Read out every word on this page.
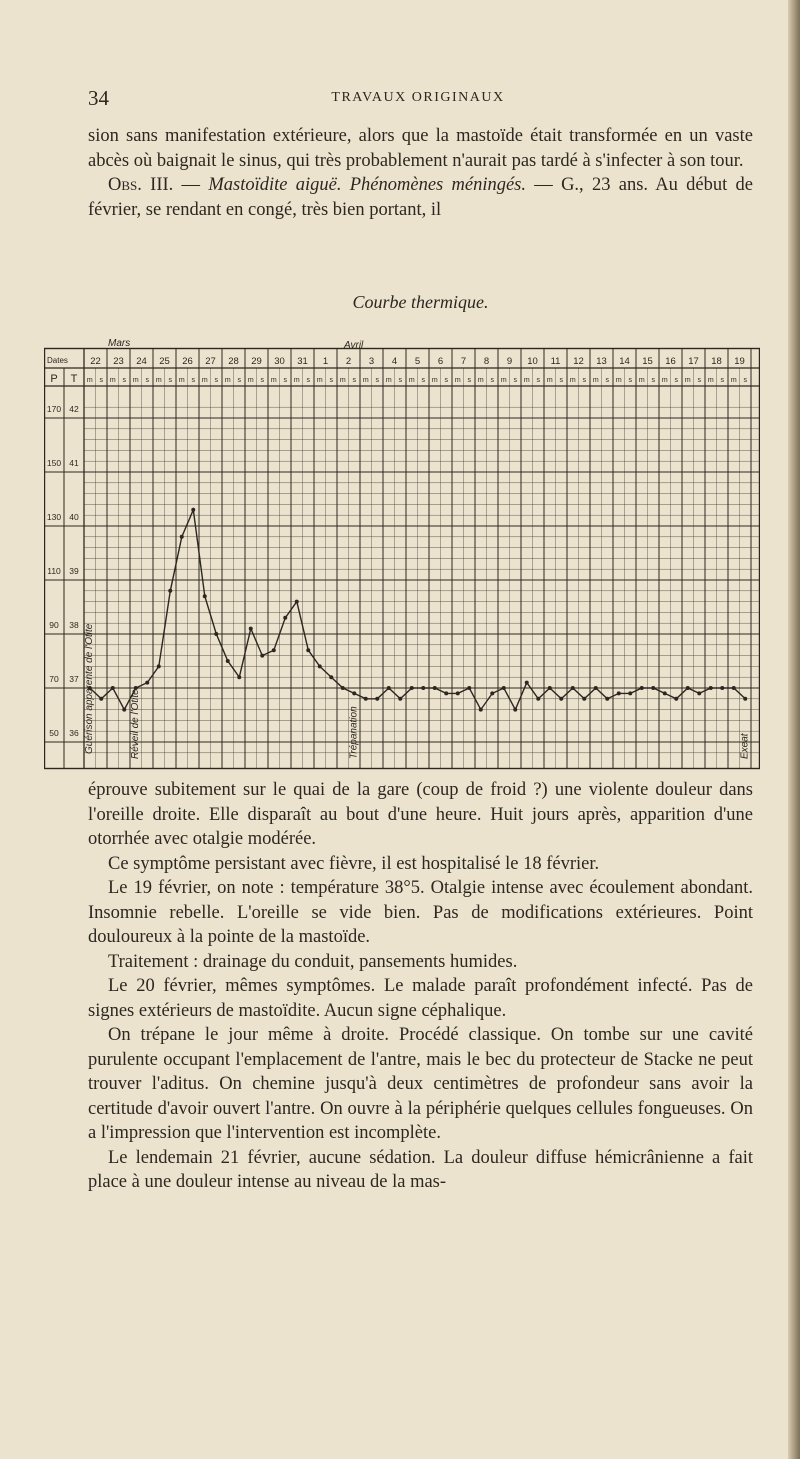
34	TRAVAUX ORIGINAUX

sion sans manifestation extérieure, alors que la mastoïde était transformée en un vaste abcès où baignait le sinus, qui très probablement n'aurait pas tardé à s'infecter à son tour.

Obs. III. — Mastoïdite aiguë. Phénomènes méningés. — G., 23 ans. Au début de février, se rendant en congé, très bien portant, il

Courbe thermique.
Dates
Mars	Avril
22
m s
23
m s
24
m s
25
m s
26
m s
27
m s
28
m s
29
m s
30
m s
31
m s
1
m s
2
m s
3
m s
4
m s
5
m s
6
m s
7
m s
8
m s
9
m s
10
m s
11
m s
12
m s
13
m s
14
m s
15
m s
16
m s
17
m s
18
m s
19
m s
P T
170
150
130
110
90
70
50
42
41
40
39
38
37
36 Guérison apparente de l'Otite	Réveil de l'Otite	Trépanation	Exeat

éprouve subitement sur le quai de la gare (coup de froid ?) une violente douleur dans l'oreille droite. Elle disparaît au bout d'une heure. Huit jours après, apparition d'une otorrhée avec otalgie modérée.

Ce symptôme persistant avec fièvre, il est hospitalisé le 18 février.

Le 19 février, on note : température 38°5. Otalgie intense avec écoulement abondant. Insomnie rebelle. L'oreille se vide bien. Pas de modifications extérieures. Point douloureux à la pointe de la mastoïde.

Traitement : drainage du conduit, pansements humides.

Le 20 février, mêmes symptômes. Le malade paraît profondément infecté. Pas de signes extérieurs de mastoïdite. Aucun signe céphalique.

On trépane le jour même à droite. Procédé classique. On tombe sur une cavité purulente occupant l'emplacement de l'antre, mais le bec du protecteur de Stacke ne peut trouver l'aditus. On chemine jusqu'à deux centimètres de profondeur sans avoir la certitude d'avoir ouvert l'antre. On ouvre à la périphérie quelques cellules fongueuses. On a l'impression que l'intervention est incomplète.

Le lendemain 21 février, aucune sédation. La douleur diffuse hémicrânienne a fait place à une douleur intense au niveau de la mas-
